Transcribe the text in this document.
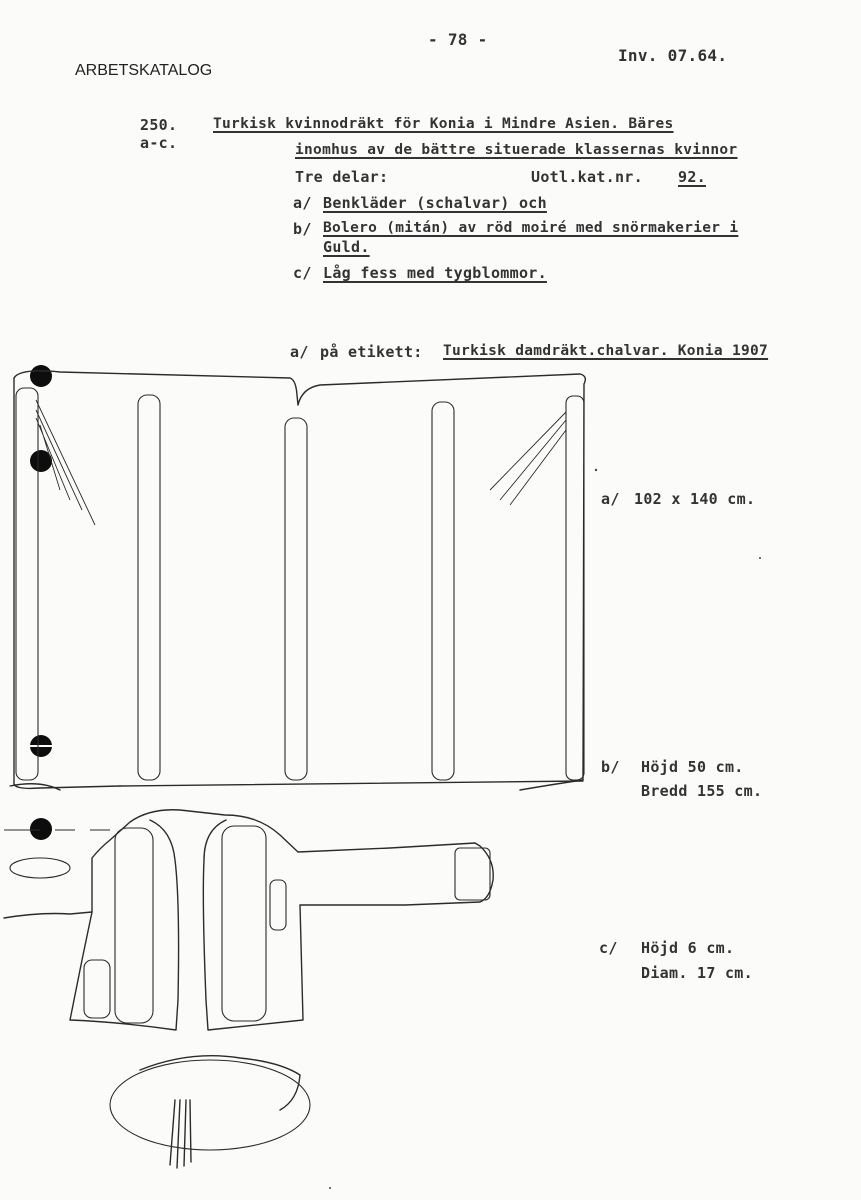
- 78 -
ARBETSKATALOG
Inv. 07.64.
250.
a-c.
Turkisk kvinnodräkt för Konia i Mindre Asien. Bäres
inomhus av de bättre situerade klassernas kvinnor
Tre delar:	Uotl.kat.nr. 92.
a/ Benkläder (schalvar) och
b/ Bolero (mitán) av röd moiré med snörmakerier i
Guld.
c/ Låg fess med tygblommor.
a/ på etikett: Turkisk damdräkt.chalvar. Konia 1907
a/ 102 x 140 cm.
b/ Höjd 50 cm.
Bredd 155 cm.
c/ Höjd 6 cm.
Diam. 17 cm.
